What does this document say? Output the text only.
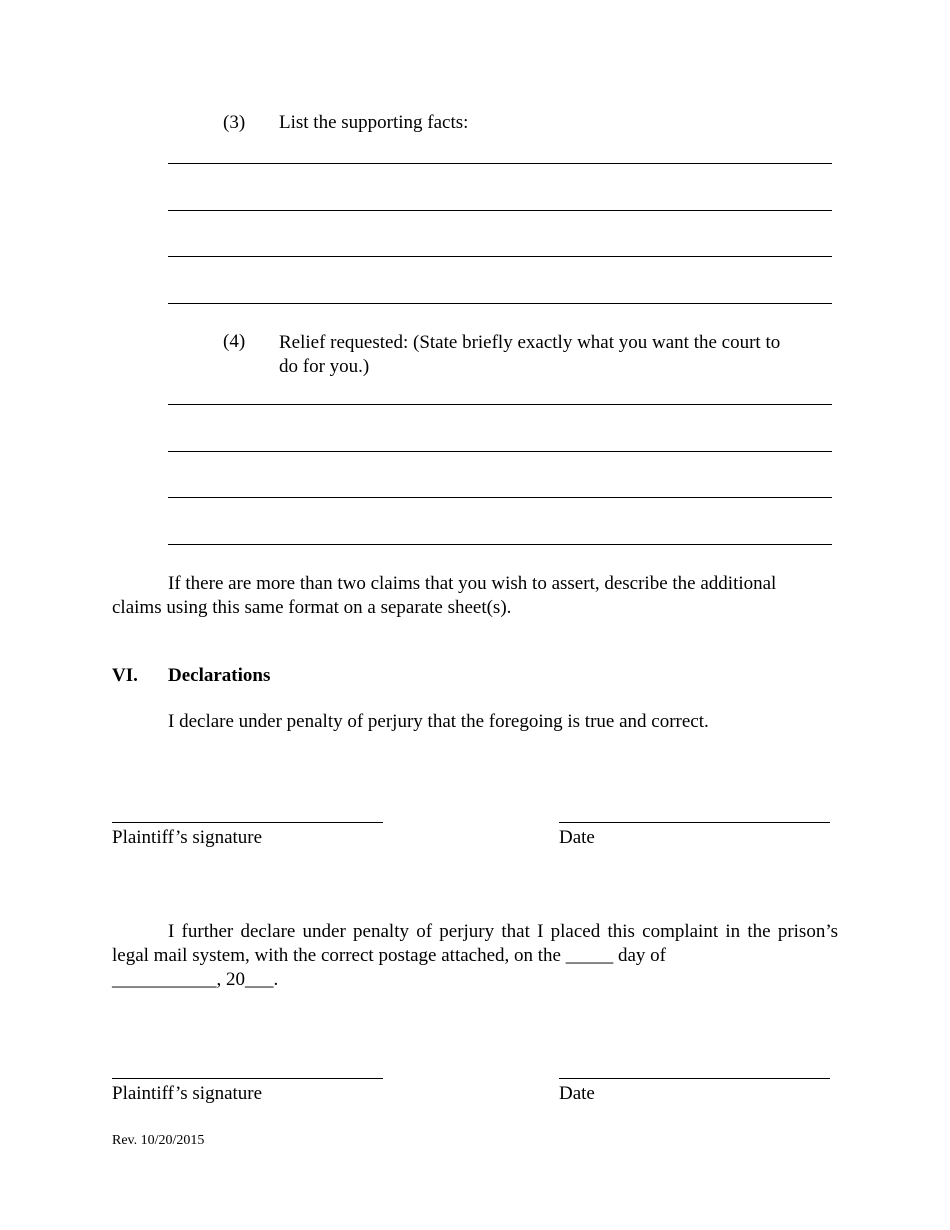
(3) List the supporting facts:
(4) Relief requested: (State briefly exactly what you want the court to
do for you.)
If there are more than two claims that you wish to assert, describe the additional
claims using this same format on a separate sheet(s).
VI. Declarations
I declare under penalty of perjury that the foregoing is true and correct.
Plaintiff’s signature	Date
I further declare under penalty of perjury that I placed this complaint in the prison’s legal mail system, with the correct postage attached, on the _____ day of
___________, 20___.
Plaintiff’s signature	Date
Rev. 10/20/2015
